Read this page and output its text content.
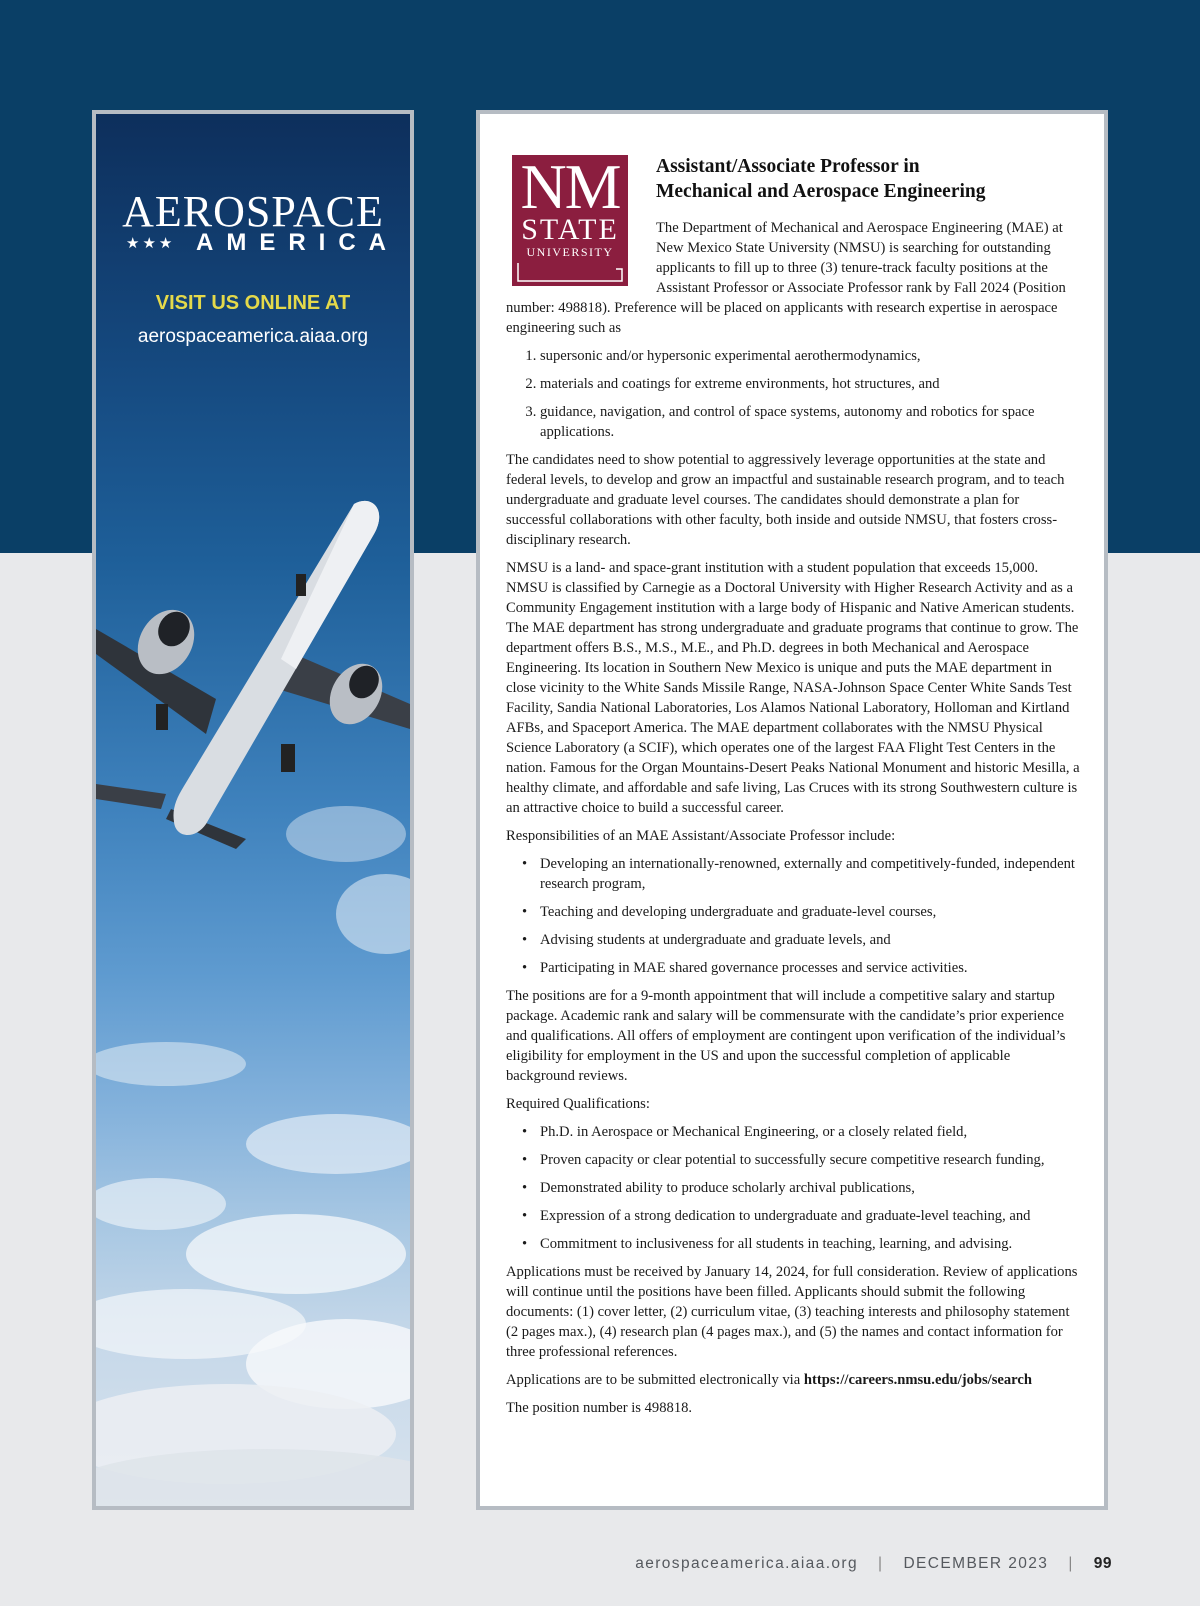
AEROSPACE
★★★ AMERICA
VISIT US ONLINE AT
aerospaceamerica.aiaa.org
NM
STATE
UNIVERSITY
Assistant/Associate Professor in
Mechanical and Aerospace Engineering

The Department of Mechanical and Aerospace Engineering (MAE) at New Mexico State University (NMSU) is searching for outstanding applicants to fill up to three (3) tenure-track faculty positions at the Assistant Professor or Associate Professor rank by Fall 2024 (Position number: 498818). Preference will be placed on applicants with research expertise in aerospace engineering such as

1. supersonic and/or hypersonic experimental aerothermodynamics,
2. materials and coatings for extreme environments, hot structures, and
3. guidance, navigation, and control of space systems, autonomy and robotics for space applications.

The candidates need to show potential to aggressively leverage opportunities at the state and federal levels, to develop and grow an impactful and sustainable research program, and to teach undergraduate and graduate level courses. The candidates should demonstrate a plan for successful collaborations with other faculty, both inside and outside NMSU, that fosters cross-disciplinary research.

NMSU is a land- and space-grant institution with a student population that exceeds 15,000. NMSU is classified by Carnegie as a Doctoral University with Higher Research Activity and as a Community Engagement institution with a large body of Hispanic and Native American students. The MAE department has strong undergraduate and graduate programs that continue to grow. The department offers B.S., M.S., M.E., and Ph.D. degrees in both Mechanical and Aerospace Engineering. Its location in Southern New Mexico is unique and puts the MAE department in close vicinity to the White Sands Missile Range, NASA-Johnson Space Center White Sands Test Facility, Sandia National Laboratories, Los Alamos National Laboratory, Holloman and Kirtland AFBs, and Spaceport America. The MAE department collaborates with the NMSU Physical Science Laboratory (a SCIF), which operates one of the largest FAA Flight Test Centers in the nation. Famous for the Organ Mountains-Desert Peaks National Monument and historic Mesilla, a healthy climate, and affordable and safe living, Las Cruces with its strong Southwestern culture is an attractive choice to build a successful career.

Responsibilities of an MAE Assistant/Associate Professor include:

• Developing an internationally-renowned, externally and competitively-funded, independent research program,
• Teaching and developing undergraduate and graduate-level courses,
• Advising students at undergraduate and graduate levels, and
• Participating in MAE shared governance processes and service activities.

The positions are for a 9-month appointment that will include a competitive salary and startup package. Academic rank and salary will be commensurate with the candidate’s prior experience and qualifications. All offers of employment are contingent upon verification of the individual’s eligibility for employment in the US and upon the successful completion of applicable background reviews.

Required Qualifications:

• Ph.D. in Aerospace or Mechanical Engineering, or a closely related field,
• Proven capacity or clear potential to successfully secure competitive research funding,
• Demonstrated ability to produce scholarly archival publications,
• Expression of a strong dedication to undergraduate and graduate-level teaching, and
• Commitment to inclusiveness for all students in teaching, learning, and advising.

Applications must be received by January 14, 2024, for full consideration. Review of applications will continue until the positions have been filled. Applicants should submit the following documents: (1) cover letter, (2) curriculum vitae, (3) teaching interests and philosophy statement (2 pages max.), (4) research plan (4 pages max.), and (5) the names and contact information for three professional references.

Applications are to be submitted electronically via https://careers.nmsu.edu/jobs/search

The position number is 498818.

aerospaceamerica.aiaa.org | DECEMBER 2023 | 99
